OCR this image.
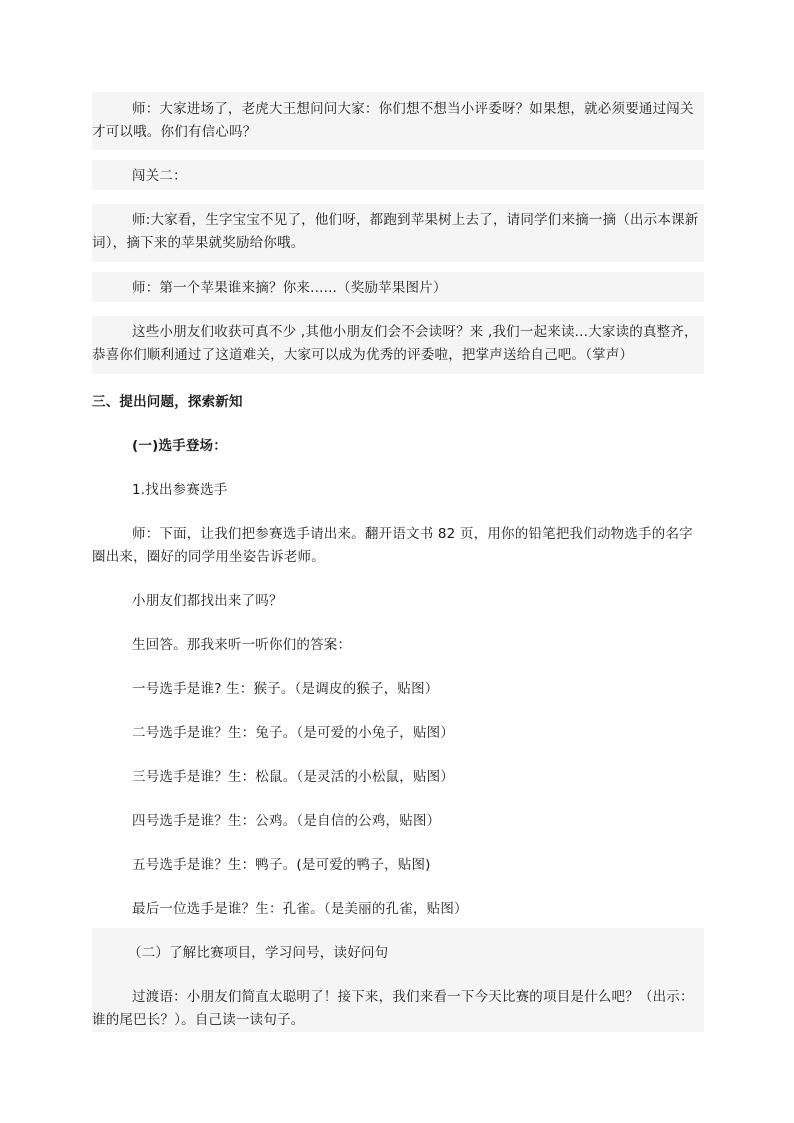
师：大家进场了，老虎大王想问问大家：你们想不想当小评委呀？如果想，就必须要通过闯关才可以哦。你们有信心吗？

闯关二：

师:大家看，生字宝宝不见了，他们呀，都跑到苹果树上去了，请同学们来摘一摘（出示本课新词），摘下来的苹果就奖励给你哦。

师：第一个苹果谁来摘？你来......（奖励苹果图片）

这些小朋友们收获可真不少 ,其他小朋友们会不会读呀？来 ,我们一起来读...大家读的真整齐，恭喜你们顺利通过了这道难关，大家可以成为优秀的评委啦，把掌声送给自己吧。（掌声）

三、提出问题，探索新知

(一)选手登场：

1.找出参赛选手

师：下面，让我们把参赛选手请出来。翻开语文书 82 页，用你的铅笔把我们动物选手的名字圈出来，圈好的同学用坐姿告诉老师。

小朋友们都找出来了吗？

生回答。那我来听一听你们的答案：

一号选手是谁? 生：猴子。（是调皮的猴子，贴图）

二号选手是谁？生：兔子。（是可爱的小兔子，贴图）

三号选手是谁？生：松鼠。（是灵活的小松鼠，贴图）

四号选手是谁？生：公鸡。（是自信的公鸡，贴图）

五号选手是谁？生：鸭子。(是可爱的鸭子，贴图)

最后一位选手是谁？生：孔雀。（是美丽的孔雀，贴图）

（二）了解比赛项目，学习问号，读好问句

过渡语：小朋友们简直太聪明了！接下来，我们来看一下今天比赛的项目是什么吧？（出示：谁的尾巴长？）。自己读一读句子。
